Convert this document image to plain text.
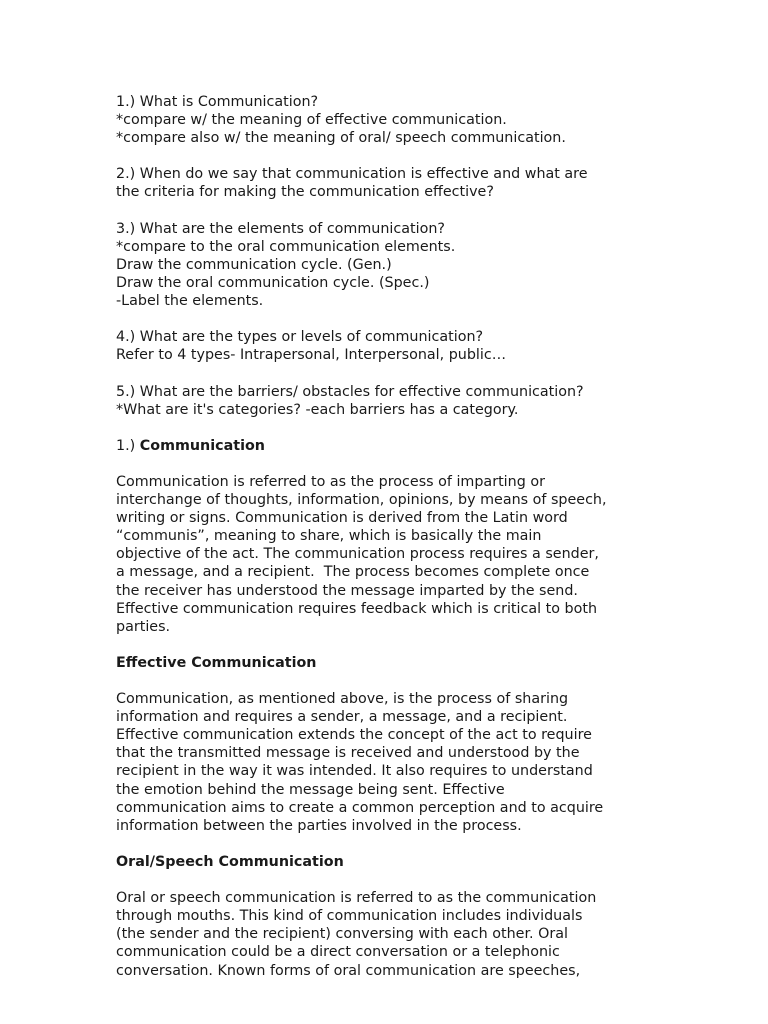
1.) What is Communication?
*compare w/ the meaning of effective communication.
*compare also w/ the meaning of oral/ speech communication.
2.) When do we say that communication is effective and what are
the criteria for making the communication effective?
3.) What are the elements of communication?
*compare to the oral communication elements.
Draw the communication cycle. (Gen.)
Draw the oral communication cycle. (Spec.)
-Label the elements.
4.) What are the types or levels of communication?
Refer to 4 types- Intrapersonal, Interpersonal, public…
5.) What are the barriers/ obstacles for effective communication?
*What are it's categories? -each barriers has a category.
1.) Communication
Communication is referred to as the process of imparting or
interchange of thoughts, information, opinions, by means of speech,
writing or signs. Communication is derived from the Latin word
“communis”, meaning to share, which is basically the main
objective of the act. The communication process requires a sender,
a message, and a recipient.  The process becomes complete once
the receiver has understood the message imparted by the send.
Effective communication requires feedback which is critical to both
parties.
Effective Communication
Communication, as mentioned above, is the process of sharing
information and requires a sender, a message, and a recipient.
Effective communication extends the concept of the act to require
that the transmitted message is received and understood by the
recipient in the way it was intended. It also requires to understand
the emotion behind the message being sent. Effective
communication aims to create a common perception and to acquire
information between the parties involved in the process.
Oral/Speech Communication
Oral or speech communication is referred to as the communication
through mouths. This kind of communication includes individuals
(the sender and the recipient) conversing with each other. Oral
communication could be a direct conversation or a telephonic
conversation. Known forms of oral communication are speeches,
